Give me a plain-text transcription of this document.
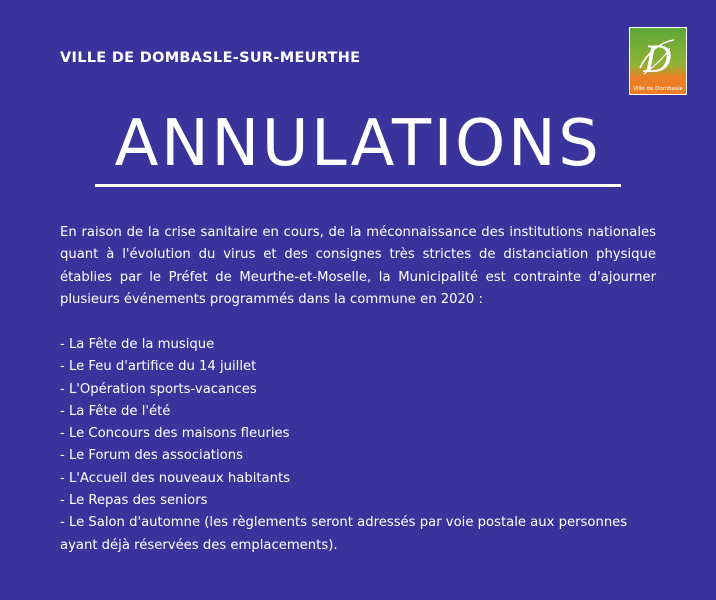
VILLE DE DOMBASLE-SUR-MEURTHE	D
Ville de Dombasle
ANNULATIONS

En raison de la crise sanitaire en cours, de la méconnaissance des institutions nationales quant à l'évolution du virus et des consignes très strictes de distanciation physique établies par le Préfet de Meurthe-et-Moselle, la Municipalité est contrainte d'ajourner plusieurs événements programmés dans la commune en 2020 :

- La Fête de la musique
- Le Feu d'artifice du 14 juillet
- L'Opération sports-vacances
- La Fête de l'été
- Le Concours des maisons fleuries
- Le Forum des associations
- L'Accueil des nouveaux habitants
- Le Repas des seniors
- Le Salon d'automne (les règlements seront adressés par voie postale aux personnes ayant déjà réservées des emplacements).
